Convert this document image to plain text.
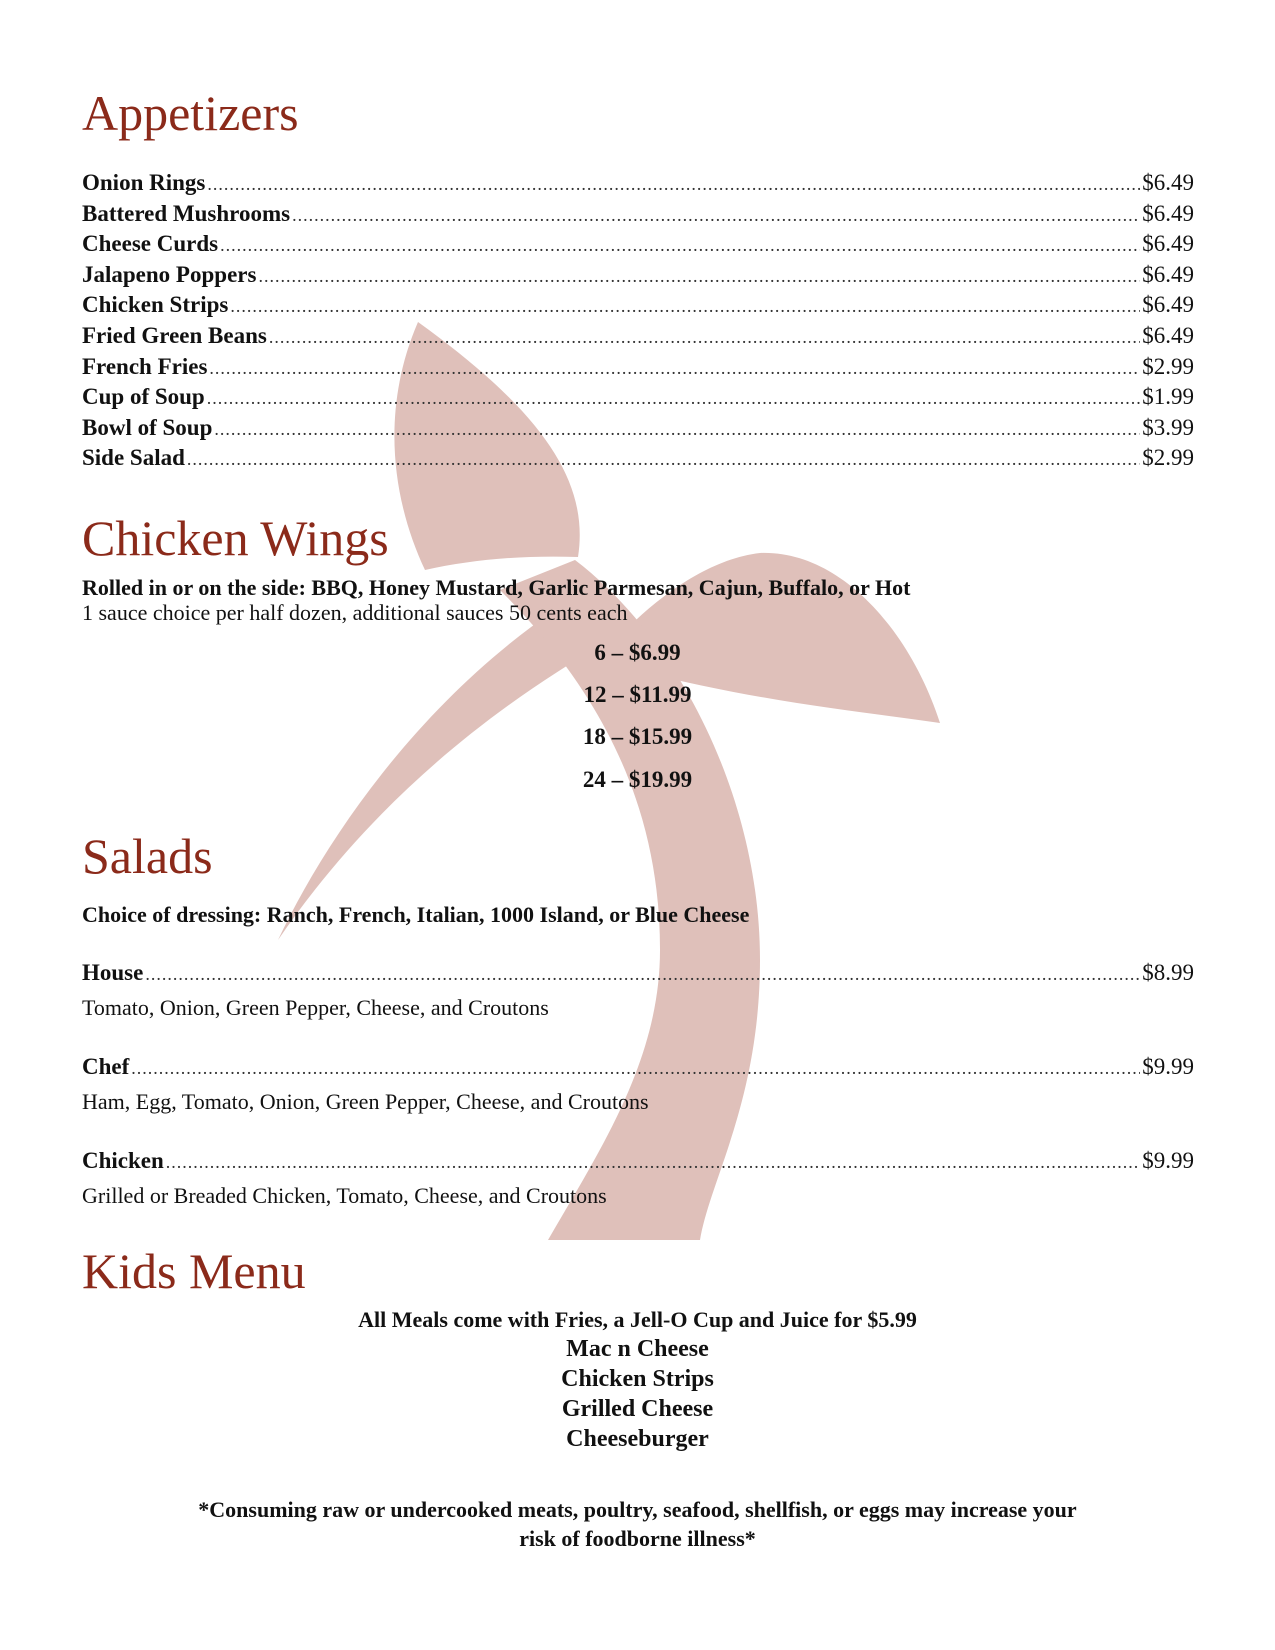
Appetizers
Onion Rings .....	$6.49
Battered Mushrooms .....	$6.49
Cheese Curds .....	$6.49
Jalapeno Poppers .....	$6.49
Chicken Strips .....	$6.49
Fried Green Beans .....	$6.49
French Fries .....	$2.99
Cup of Soup .....	$1.99
Bowl of Soup .....	$3.99
Side Salad .....	$2.99
Chicken Wings
Rolled in or on the side: BBQ, Honey Mustard, Garlic Parmesan, Cajun, Buffalo, or Hot
1 sauce choice per half dozen, additional sauces 50 cents each
6 – $6.99
12 – $11.99
18 – $15.99
24 – $19.99
Salads
Choice of dressing: Ranch, French, Italian, 1000 Island, or Blue Cheese
House .....	$8.99
Tomato, Onion, Green Pepper, Cheese, and Croutons
Chef .....	$9.99
Ham, Egg, Tomato, Onion, Green Pepper, Cheese, and Croutons
Chicken .....	$9.99
Grilled or Breaded Chicken, Tomato, Cheese, and Croutons
Kids Menu
All Meals come with Fries, a Jell-O Cup and Juice for $5.99
Mac n Cheese
Chicken Strips
Grilled Cheese
Cheeseburger
*Consuming raw or undercooked meats, poultry, seafood, shellfish, or eggs may increase your
risk of foodborne illness*
